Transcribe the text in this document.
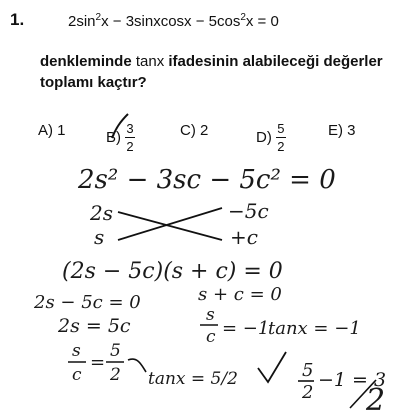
1.	$2\sin^2x$ − 3sinxcosx − $5\cos^2x = 0$
denkleminde tanx ifadesinin alabileceği değerler
toplamı kaçtır?
A) 1	$B) \frac{3}{2}$	C) 2	$D) \frac{5}{2}$	E) 3
2s² − 3sc − 5c² = 0
2s	−5c
s	+c
(2s − 5c)(s + c) = 0
2s − 5c = 0	s + c = 0
2s = 5c	s
c = −1
tanx = −1
s
c
=
5
2 tanx = 5/2	5
2
−1 = 3
2
